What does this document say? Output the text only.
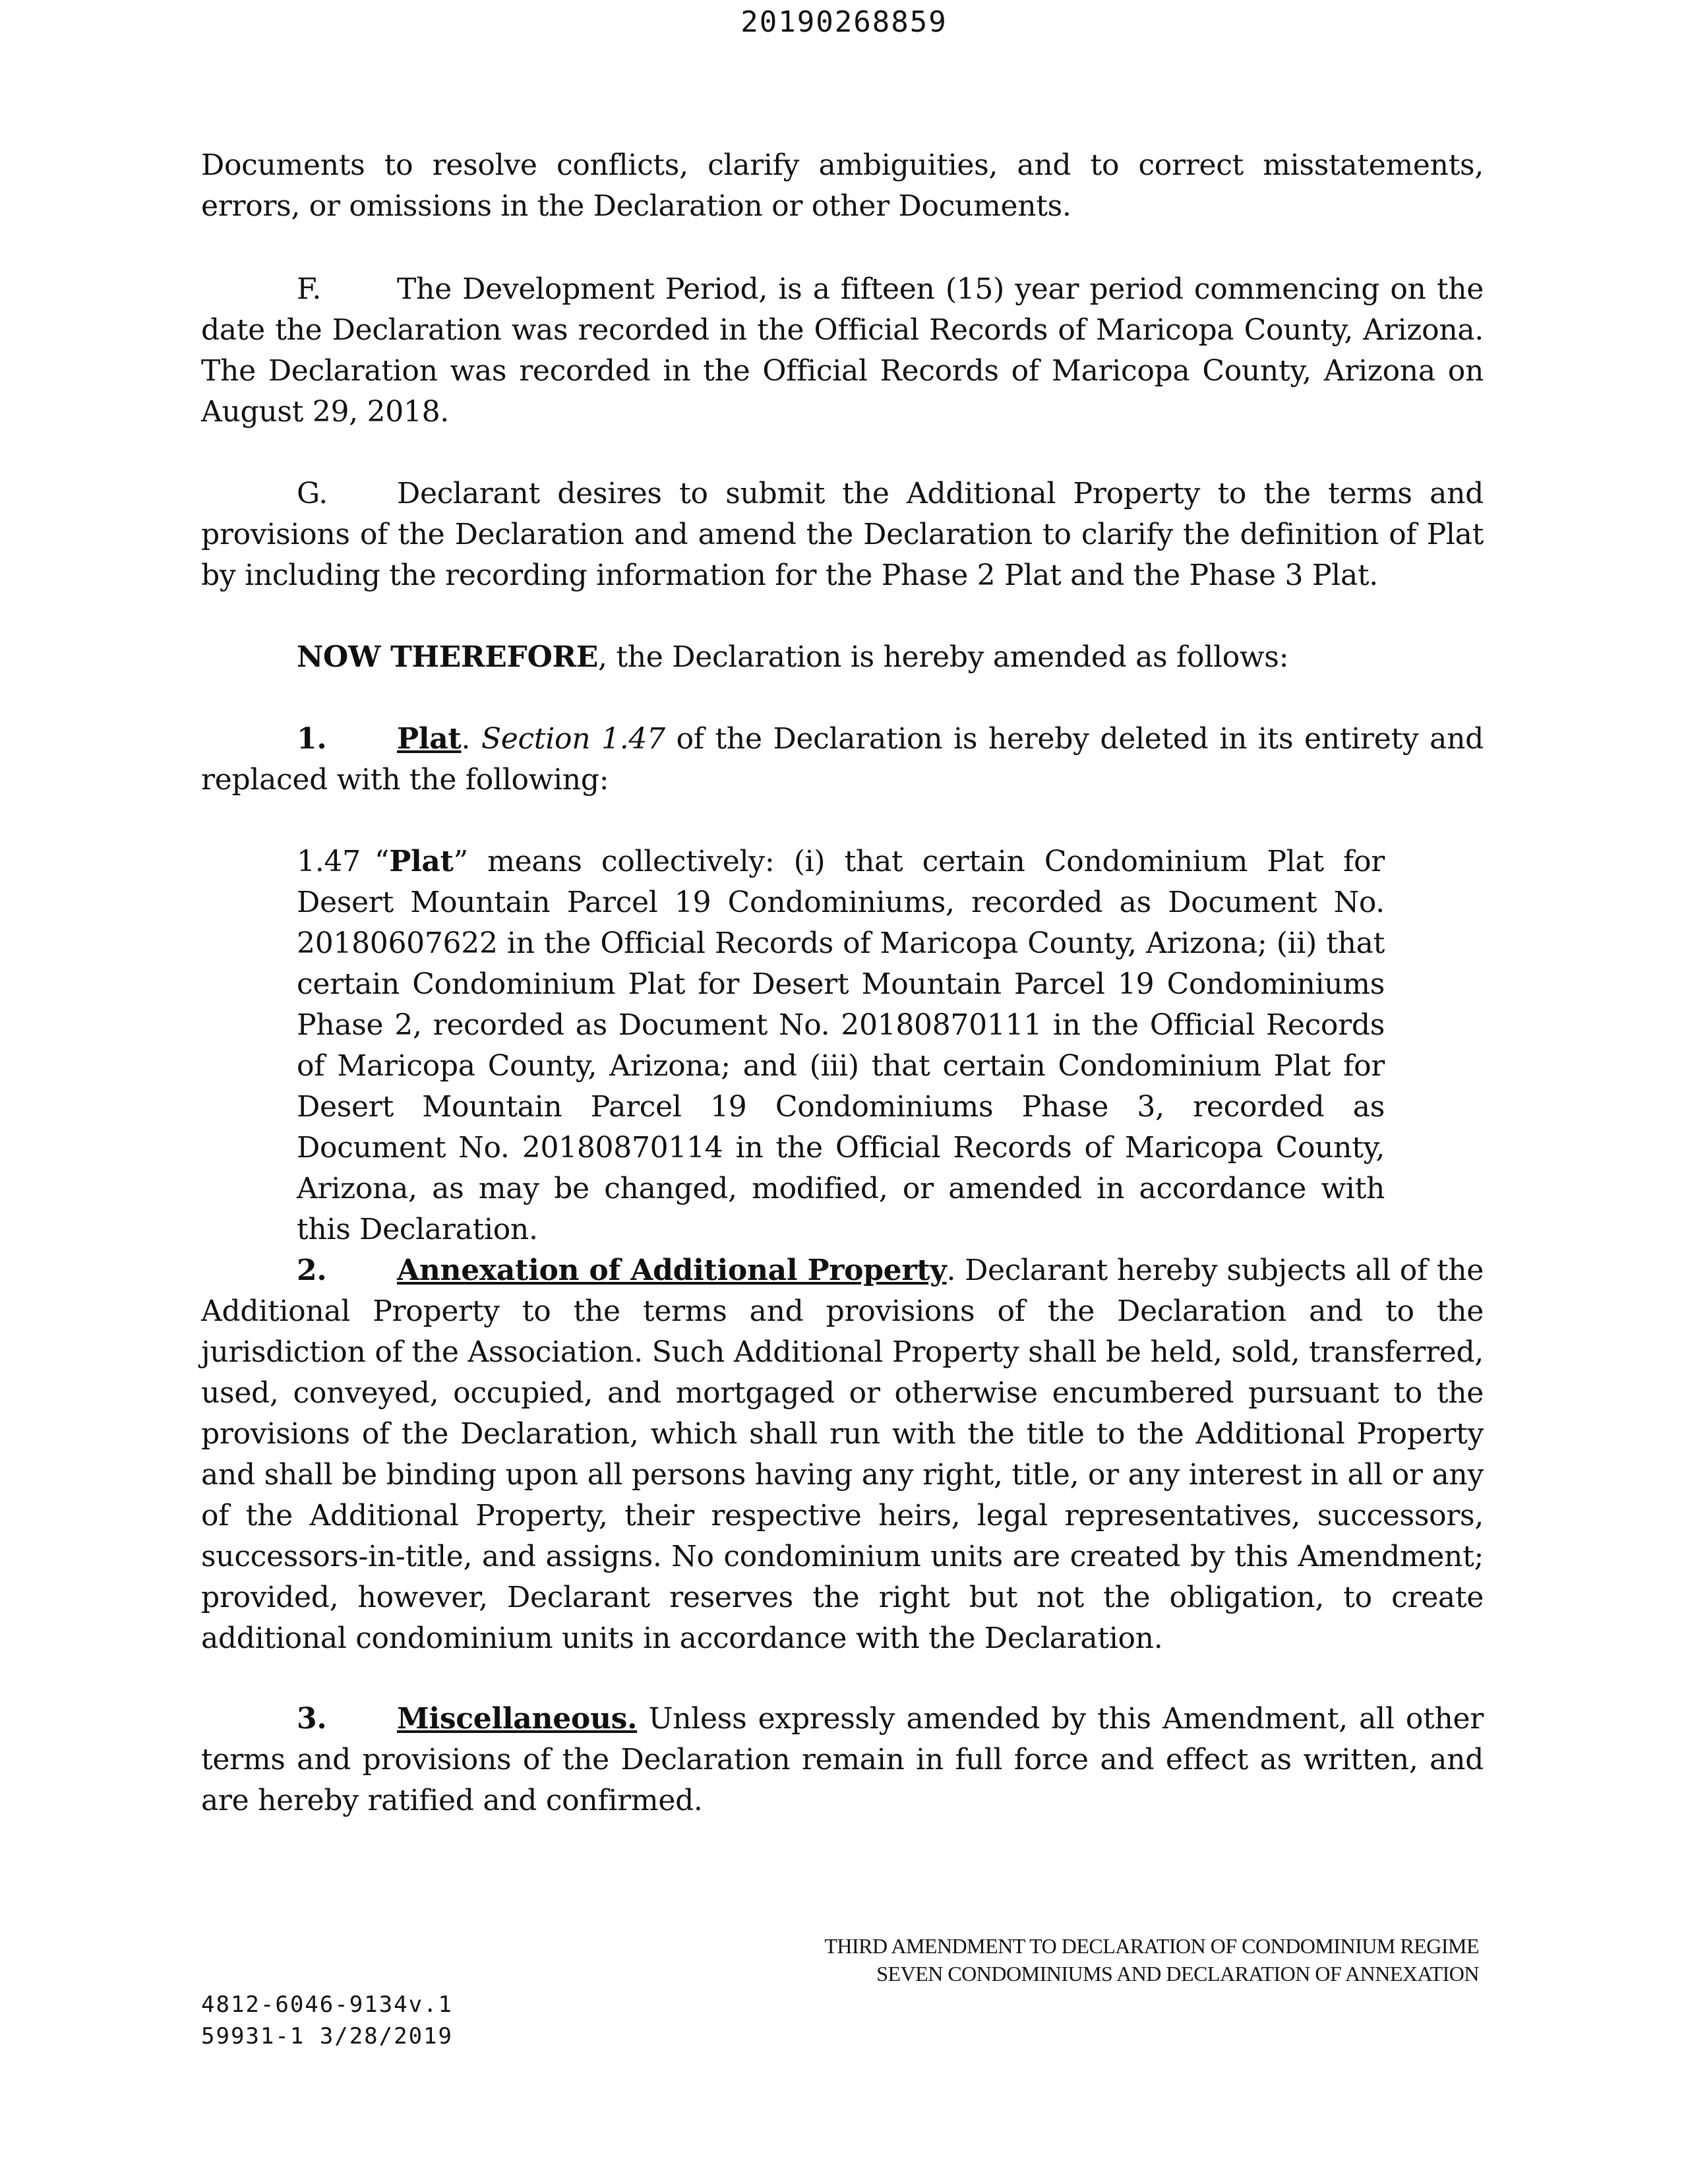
20190268859

Documents to resolve conflicts, clarify ambiguities, and to correct misstatements, errors, or omissions in the Declaration or other Documents.

F.	The Development Period, is a fifteen (15) year period commencing on the date the Declaration was recorded in the Official Records of Maricopa County, Arizona. The Declaration was recorded in the Official Records of Maricopa County, Arizona on August 29, 2018.

G. Declarant desires to submit the Additional Property to the terms and provisions of the Declaration and amend the Declaration to clarify the definition of Plat by including the recording information for the Phase 2 Plat and the Phase 3 Plat.

NOW THEREFORE, the Declaration is hereby amended as follows:

1. Plat. Section 1.47 of the Declaration is hereby deleted in its entirety and replaced with the following:

1.47 “Plat” means collectively: (i) that certain Condominium Plat for Desert Mountain Parcel 19 Condominiums, recorded as Document No. 20180607622 in the Official Records of Maricopa County, Arizona; (ii) that certain Condominium Plat for Desert Mountain Parcel 19 Condominiums Phase 2, recorded as Document No. 20180870111 in the Official Records of Maricopa County, Arizona; and (iii) that certain Condominium Plat for Desert Mountain Parcel 19 Condominiums Phase 3, recorded as Document No. 20180870114 in the Official Records of Maricopa County, Arizona, as may be changed, modified, or amended in accordance with this Declaration.

2. Annexation of Additional Property. Declarant hereby subjects all of the Additional Property to the terms and provisions of the Declaration and to the jurisdiction of the Association. Such Additional Property shall be held, sold, transferred, used, conveyed, occupied, and mortgaged or otherwise encumbered pursuant to the provisions of the Declaration, which shall run with the title to the Additional Property and shall be binding upon all persons having any right, title, or any interest in all or any of the Additional Property, their respective heirs, legal representatives, successors, successors-in-title, and assigns. No condominium units are created by this Amendment; provided, however, Declarant reserves the right but not the obligation, to create additional condominium units in accordance with the Declaration.

3. Miscellaneous. Unless expressly amended by this Amendment, all other terms and provisions of the Declaration remain in full force and effect as written, and are hereby ratified and confirmed.

THIRD AMENDMENT TO DECLARATION OF CONDOMINIUM REGIME
SEVEN CONDOMINIUMS AND DECLARATION OF ANNEXATION
4812-6046-9134v.1
59931-1 3/28/2019
